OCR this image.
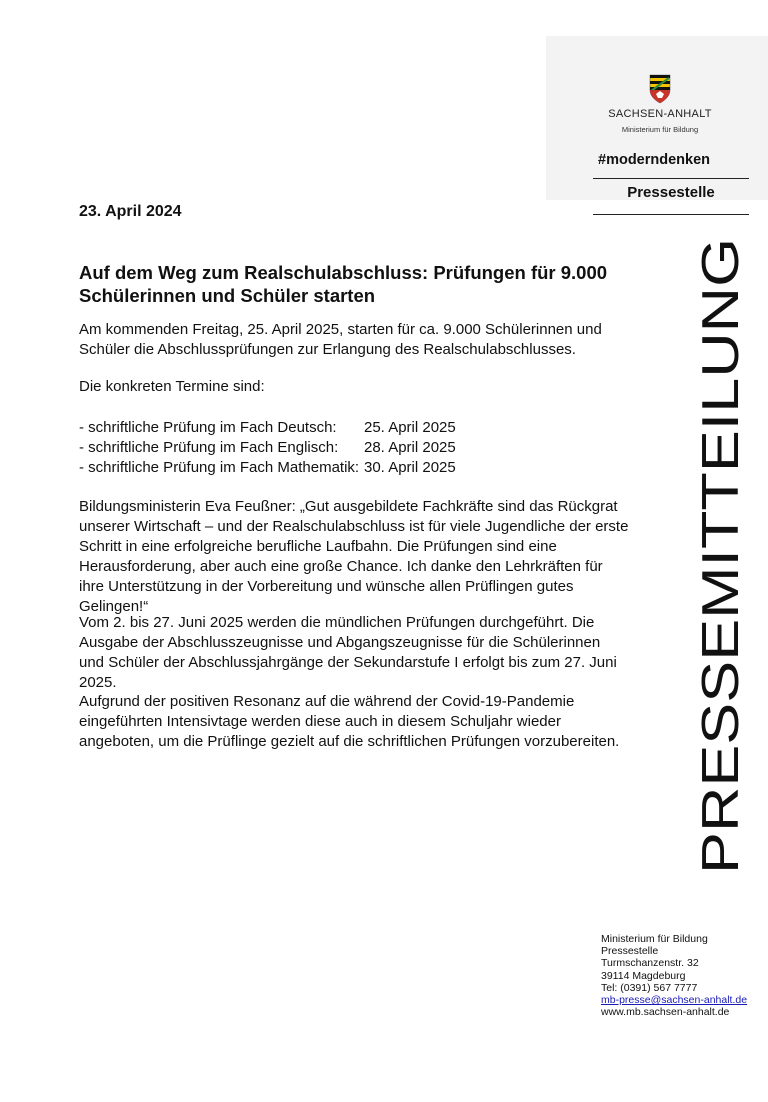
SACHSEN-ANHALT
Ministerium für Bildung
#moderndenken
Pressestelle
PRESSEMITTEILUNG
23. April 2024
Auf dem Weg zum Realschulabschluss: Prüfungen für 9.000 Schülerinnen und Schüler starten

Am kommenden Freitag, 25. April 2025, starten für ca. 9.000 Schülerinnen und Schüler die Abschlussprüfungen zur Erlangung des Realschulabschlusses.

Die konkreten Termine sind:

- schriftliche Prüfung im Fach Deutsch:	25. April 2025
- schriftliche Prüfung im Fach Englisch:	28. April 2025
- schriftliche Prüfung im Fach Mathematik: 30. April 2025

Bildungsministerin Eva Feußner: „Gut ausgebildete Fachkräfte sind das Rückgrat unserer Wirtschaft – und der Realschulabschluss ist für viele Jugendliche der erste Schritt in eine erfolgreiche berufliche Laufbahn. Die Prüfungen sind eine Herausforderung, aber auch eine große Chance. Ich danke den Lehrkräften für ihre Unterstützung in der Vorbereitung und wünsche allen Prüflingen gutes Gelingen!“

Vom 2. bis 27. Juni 2025 werden die mündlichen Prüfungen durchgeführt. Die Ausgabe der Abschlusszeugnisse und Abgangszeugnisse für die Schülerinnen und Schüler der Abschlussjahrgänge der Sekundarstufe I erfolgt bis zum 27. Juni 2025.

Aufgrund der positiven Resonanz auf die während der Covid-19-Pandemie eingeführten Intensivtage werden diese auch in diesem Schuljahr wieder angeboten, um die Prüflinge gezielt auf die schriftlichen Prüfungen vorzubereiten.

Ministerium für Bildung
Pressestelle
Turmschanzenstr. 32
39114 Magdeburg
Tel: (0391) 567 7777
mb-presse@sachsen-anhalt.de
www.mb.sachsen-anhalt.de
